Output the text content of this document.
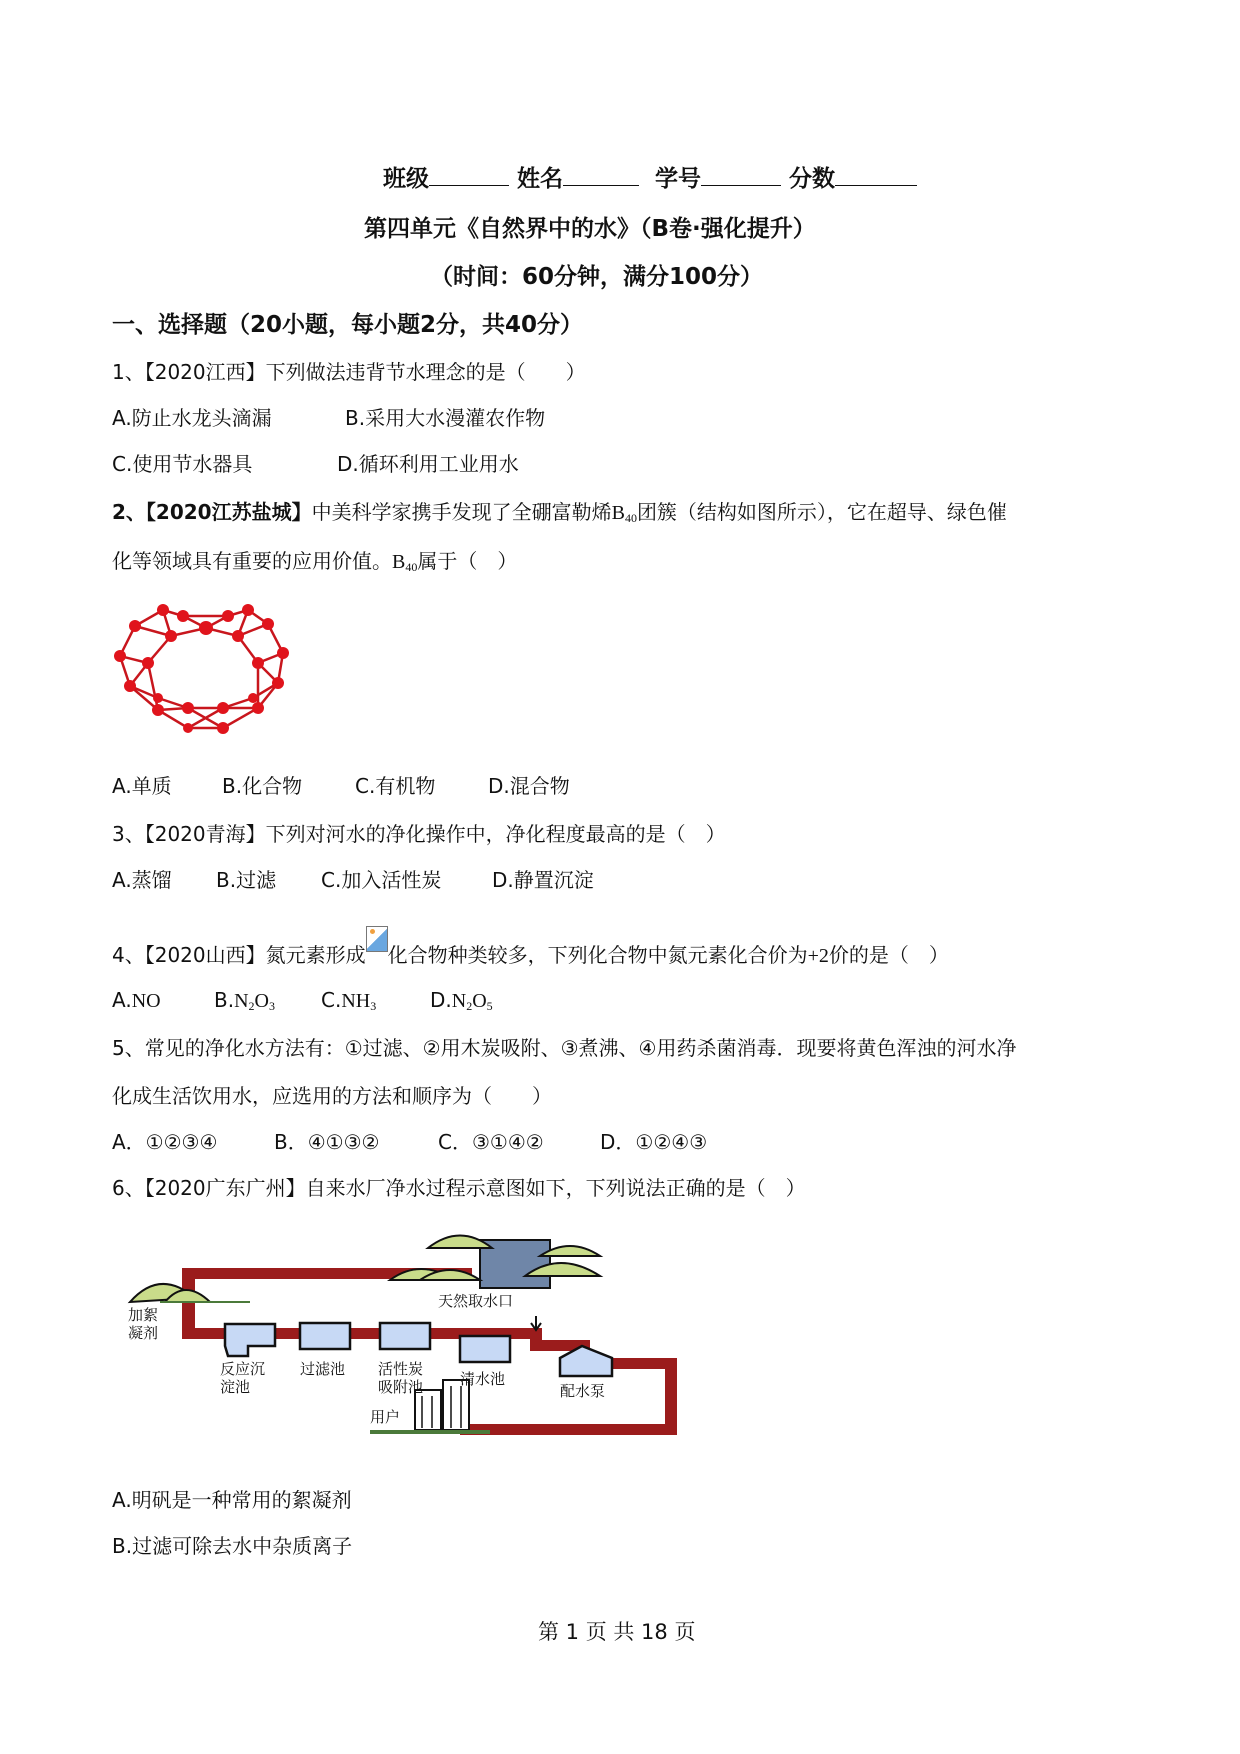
班级	姓名	学号	分数
第四单元《自然界中的水》（B卷·强化提升）
（时间：60分钟，满分100分）
一、选择题（20小题，每小题2分，共40分）
1、【2020江西】下列做法违背节水理念的是（　　）
A.防止水龙头滴漏	B.采用大水漫灌农作物
C.使用节水器具	D.循环利用工业用水
2、【2020江苏盐城】中美科学家携手发现了全硼富勒烯$B_{40}$团簇（结构如图所示），它在超导、绿色催
化等领域具有重要的应用价值。$B_{40}$属于（　）
A.单质	B.化合物	C.有机物	D.混合物
3、【2020青海】下列对河水的净化操作中，净化程度最高的是（　）
A.蒸馏 B.过滤 C.加入活性炭	D.静置沉淀
4、【2020山西】氮元素形成 化合物种类较多，下列化合物中氮元素化合价为+2价的是（　）
A.NO	$B.N_2O_3$ $C.NH_3$	$D.N_2O_5$
5、常见的净化水方法有：①过滤、②用木炭吸附、③煮沸、④用药杀菌消毒．现要将黄色浑浊的河水净
化成生活饮用水，应选用的方法和顺序为（　　）
A．①②③④	B．④①③②	C．③①④②	D．①②④③
6、【2020广东广州】自来水厂净水过程示意图如下，下列说法正确的是（　）
加絮
凝剂
天然取水口
反应沉
淀池
过滤池 活性炭
吸附池 清水池
配水泵
用户
A.明矾是一种常用的絮凝剂
B.过滤可除去水中杂质离子
第 1 页 共 18 页
